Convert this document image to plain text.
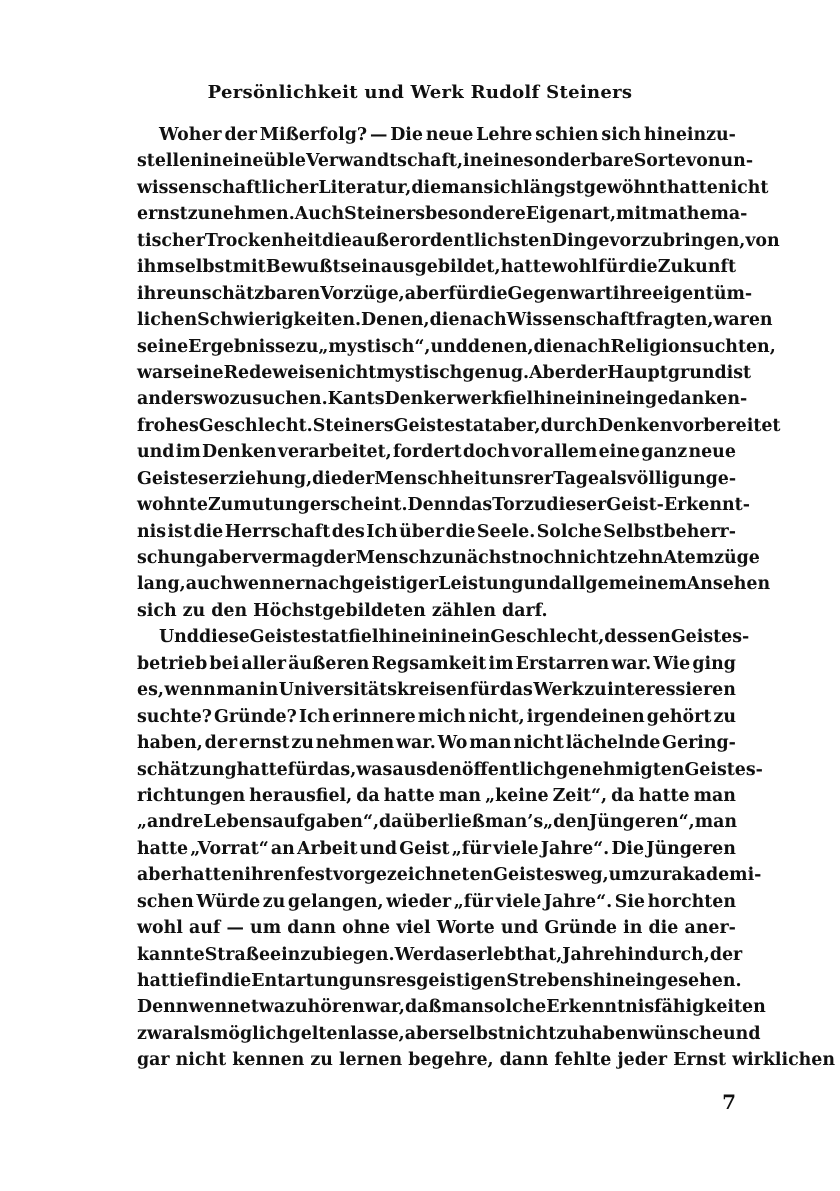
Persönlichkeit und Werk Rudolf Steiners
Woher der Mißerfolg? — Die neue Lehre schien sich hineinzu-
stellen in eine üble Verwandtschaft, in eine sonderbare Sorte von un-
wissenschaftlicher Literatur, die man sich längst gewöhnt hatte nicht
ernst zu nehmen. Auch Steiners besondere Eigenart, mit mathema-
tischer Trockenheit die außerordentlichsten Dinge vorzubringen, von
ihm selbst mit Bewußtsein ausgebildet, hatte wohl für die Zukunft
ihre unschätzbaren Vorzüge, aber für die Gegenwart ihre eigentüm-
lichen Schwierigkeiten. Denen, die nach Wissenschaft fragten, waren
seine Ergebnisse zu „mystisch“, und denen, die nach Religion suchten,
war seine Redeweise nicht mystisch genug. Aber der Hauptgrund ist
anderswo zu suchen. Kants Denkerwerk fiel hinein in ein gedanken-
frohes Geschlecht. Steiners Geistestat aber, durch Denken vorbereitet
und im Denken verarbeitet, fordert doch vor allem eine ganz neue
Geisteserziehung, die der Menschheit unsrer Tage als völlig unge-
wohnte Zumutung erscheint. Denn das Tor zu dieser Geist-Erkennt-
nis ist die Herrschaft des Ich über die Seele. Solche Selbstbeherr-
schung aber vermag der Mensch zunächst noch nicht zehn Atemzüge
lang, auch wenn er nach geistiger Leistung und allgemeinem Ansehen
sich zu den Höchstgebildeten zählen darf.
Und diese Geistestat fiel hinein in ein Geschlecht, dessen Geistes-
betrieb bei aller äußeren Regsamkeit im Erstarren war. Wie ging
es, wenn man in Universitätskreisen für das Werk zu interessieren
suchte? Gründe? Ich erinnere mich nicht, irgendeinen gehört zu
haben, der ernst zu nehmen war. Wo man nicht lächelnde Gering-
schätzung hatte für das, was aus den öffentlich genehmigten Geistes-
richtungen herausfiel, da hatte man „keine Zeit“, da hatte man
„andre Lebensaufgaben“, da überließ man’s „den Jüngeren“, man
hatte „Vorrat“ an Arbeit und Geist „für viele Jahre“. Die Jüngeren
aber hatten ihren fest vorgezeichneten Geistesweg, um zur akademi-
schen Würde zu gelangen, wieder „für viele Jahre“. Sie horchten
wohl auf — um dann ohne viel Worte und Gründe in die aner-
kannte Straße einzubiegen. Wer das erlebt hat, Jahre hindurch, der
hat tief in die Entartung unsres geistigen Strebens hineingesehen.
Denn wenn etwa zu hören war, daß man solche Erkenntnisfähigkeiten
zwar als möglich gelten lasse, aber selbst nicht zu haben wünsche und
gar nicht kennen zu lernen begehre, dann fehlte jeder Ernst wirklichen
7
